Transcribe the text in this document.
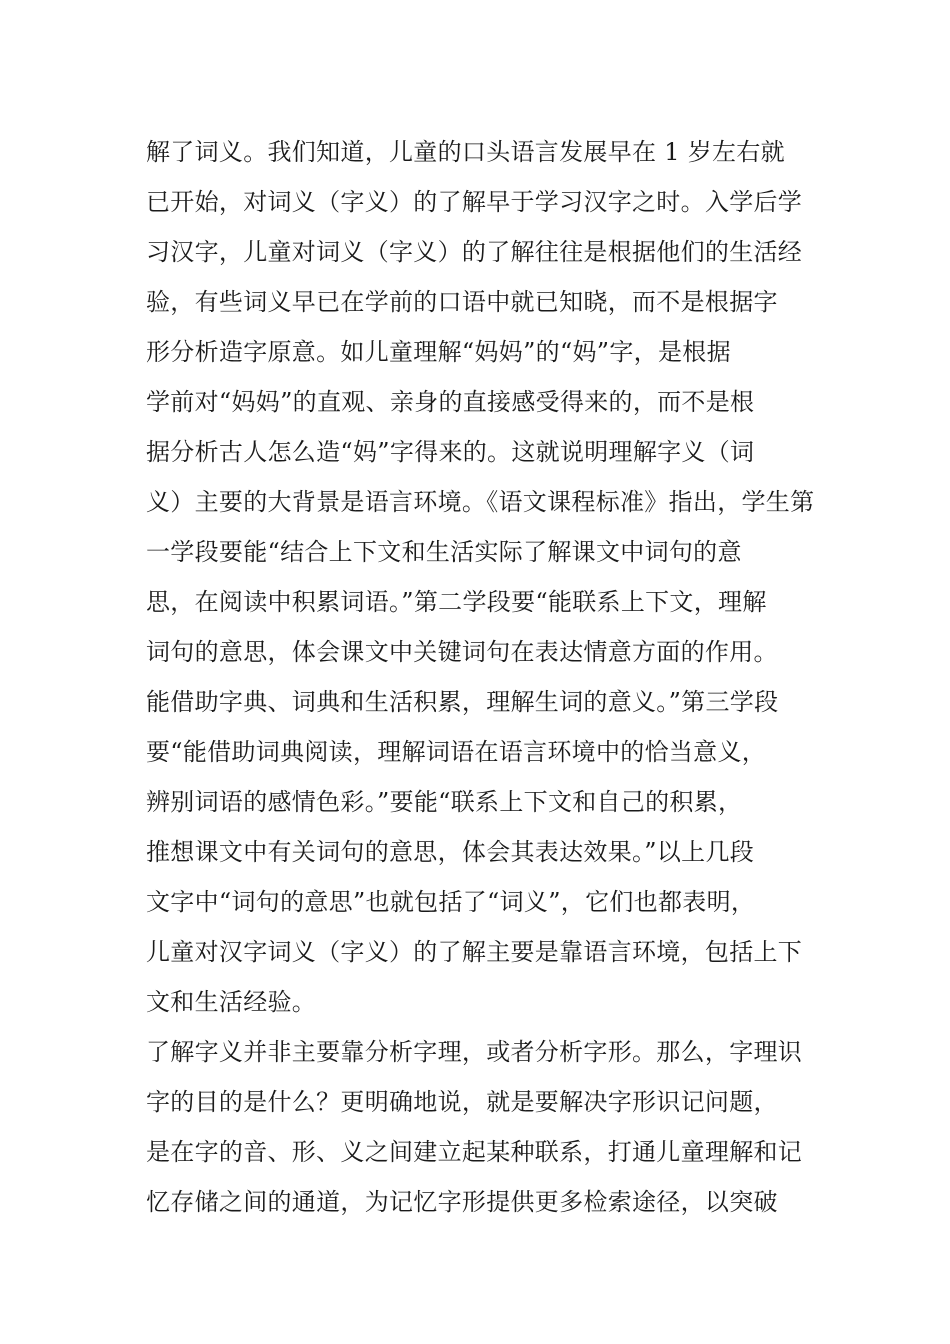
解了词义。我们知道，儿童的口头语言发展早在 1 岁左右就
已开始，对词义（字义）的了解早于学习汉字之时。入学后学
习汉字，儿童对词义（字义）的了解往往是根据他们的生活经
验，有些词义早已在学前的口语中就已知晓，而不是根据字
形分析造字原意。如儿童理解“妈妈”的“妈”字，是根据
学前对“妈妈”的直观、亲身的直接感受得来的，而不是根
据分析古人怎么造“妈”字得来的。这就说明理解字义（词
义）主要的大背景是语言环境。《语文课程标准》指出，学生第
一学段要能“结合上下文和生活实际了解课文中词句的意
思，在阅读中积累词语。”第二学段要“能联系上下文，理解
词句的意思，体会课文中关键词句在表达情意方面的作用。
能借助字典、词典和生活积累，理解生词的意义。”第三学段
要“能借助词典阅读，理解词语在语言环境中的恰当意义，
辨别词语的感情色彩。”要能“联系上下文和自己的积累，
推想课文中有关词句的意思，体会其表达效果。”以上几段
文字中“词句的意思”也就包括了“词义”，它们也都表明，
儿童对汉字词义（字义）的了解主要是靠语言环境，包括上下
文和生活经验。
了解字义并非主要靠分析字理，或者分析字形。那么，字理识
字的目的是什么？更明确地说，就是要解决字形识记问题，
是在字的音、形、义之间建立起某种联系，打通儿童理解和记
忆存储之间的通道，为记忆字形提供更多检索途径，以突破
